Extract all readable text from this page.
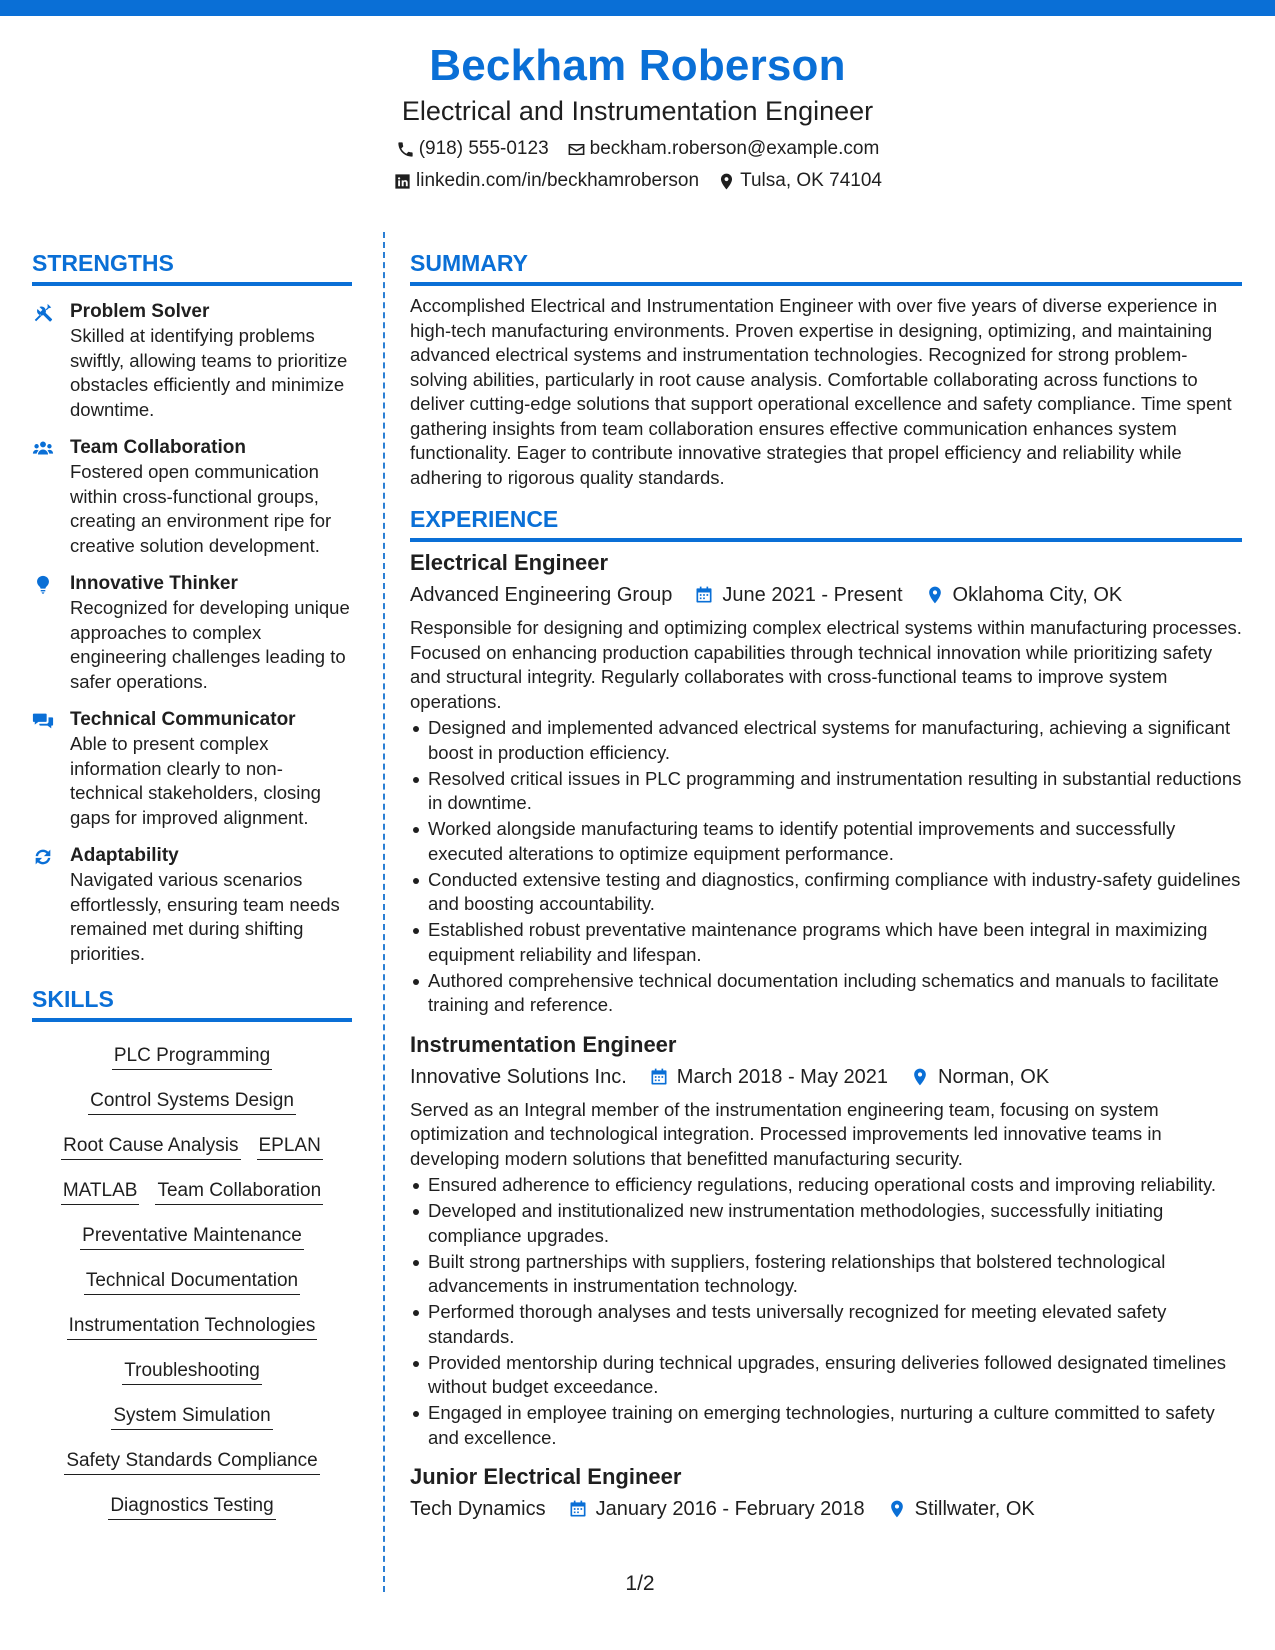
Beckham Roberson
Electrical and Instrumentation Engineer
(918) 555-0123 beckham.roberson@example.com
linkedin.com/in/beckhamroberson Tulsa, OK 74104
STRENGTHS
Problem Solver
Skilled at identifying problems swiftly, allowing teams to prioritize obstacles efficiently and minimize downtime.
Team Collaboration
Fostered open communication within cross-functional groups, creating an environment ripe for creative solution development.
Innovative Thinker
Recognized for developing unique approaches to complex engineering challenges leading to safer operations.
Technical Communicator
Able to present complex information clearly to non-technical stakeholders, closing gaps for improved alignment.
Adaptability
Navigated various scenarios effortlessly, ensuring team needs remained met during shifting priorities.
SKILLS
PLC Programming
Control Systems Design
Root Cause Analysis EPLAN
MATLAB Team Collaboration
Preventative Maintenance
Technical Documentation
Instrumentation Technologies
Troubleshooting
System Simulation
Safety Standards Compliance
Diagnostics Testing
SUMMARY
Accomplished Electrical and Instrumentation Engineer with over five years of diverse experience in high-tech manufacturing environments. Proven expertise in designing, optimizing, and maintaining advanced electrical systems and instrumentation technologies. Recognized for strong problem-solving abilities, particularly in root cause analysis. Comfortable collaborating across functions to deliver cutting-edge solutions that support operational excellence and safety compliance. Time spent gathering insights from team collaboration ensures effective communication enhances system functionality. Eager to contribute innovative strategies that propel efficiency and reliability while adhering to rigorous quality standards.
EXPERIENCE
Electrical Engineer
Advanced Engineering Group	June 2021 - Present	Oklahoma City, OK
Responsible for designing and optimizing complex electrical systems within manufacturing processes. Focused on enhancing production capabilities through technical innovation while prioritizing safety and structural integrity. Regularly collaborates with cross-functional teams to improve system operations.
Designed and implemented advanced electrical systems for manufacturing, achieving a significant boost in production efficiency.
Resolved critical issues in PLC programming and instrumentation resulting in substantial reductions in downtime.
Worked alongside manufacturing teams to identify potential improvements and successfully executed alterations to optimize equipment performance.
Conducted extensive testing and diagnostics, confirming compliance with industry-safety guidelines and boosting accountability.
Established robust preventative maintenance programs which have been integral in maximizing equipment reliability and lifespan.
Authored comprehensive technical documentation including schematics and manuals to facilitate training and reference.
Instrumentation Engineer
Innovative Solutions Inc.	March 2018 - May 2021	Norman, OK
Served as an Integral member of the instrumentation engineering team, focusing on system optimization and technological integration. Processed improvements led innovative teams in developing modern solutions that benefitted manufacturing security.
Ensured adherence to efficiency regulations, reducing operational costs and improving reliability.
Developed and institutionalized new instrumentation methodologies, successfully initiating compliance upgrades.
Built strong partnerships with suppliers, fostering relationships that bolstered technological advancements in instrumentation technology.
Performed thorough analyses and tests universally recognized for meeting elevated safety standards.
Provided mentorship during technical upgrades, ensuring deliveries followed designated timelines without budget exceedance.
Engaged in employee training on emerging technologies, nurturing a culture committed to safety and excellence.
Junior Electrical Engineer
Tech Dynamics	January 2016 - February 2018	Stillwater, OK
1/2
